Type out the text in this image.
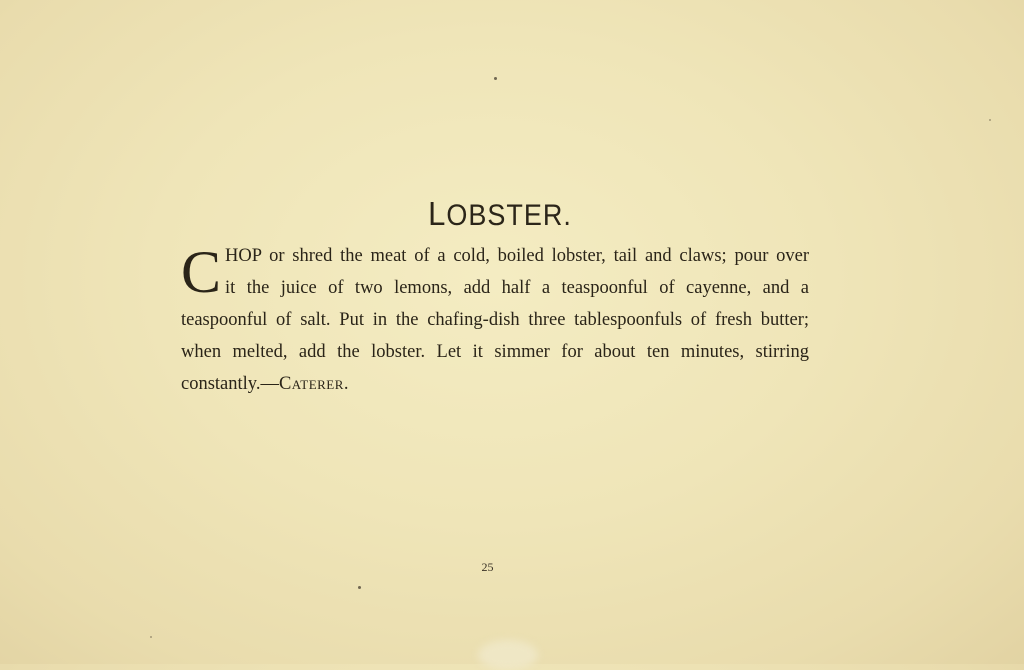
LOBSTER.
CHOP or shred the meat of a cold, boiled lobster, tail and claws; pour over it the juice of two lemons, add half a teaspoonful of cayenne, and a teaspoonful of salt. Put in the chafing-dish three tablespoonfuls of fresh butter; when melted, add the lobster. Let it simmer for about ten minutes, stirring constantly.—Caterer.
25
